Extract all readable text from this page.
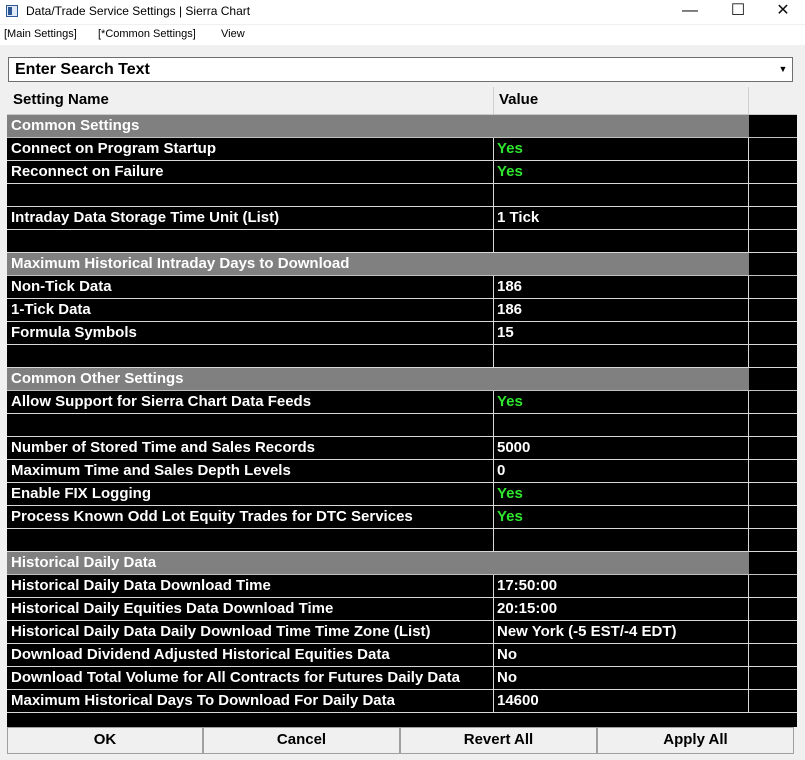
Data/Trade Service Settings | Sierra Chart	—	☐	✕
[Main Settings] [*Common Settings] View
Enter Search Text	▼
Setting Name	Value
Common Settings
Connect on Program Startup	Yes
Reconnect on Failure	Yes
Intraday Data Storage Time Unit (List)	1 Tick
Maximum Historical Intraday Days to Download
Non-Tick Data	186
1-Tick Data	186
Formula Symbols	15
Common Other Settings
Allow Support for Sierra Chart Data Feeds	Yes
Number of Stored Time and Sales Records	5000
Maximum Time and Sales Depth Levels	0
Enable FIX Logging	Yes
Process Known Odd Lot Equity Trades for DTC Services	Yes
Historical Daily Data
Historical Daily Data Download Time	17:50:00
Historical Daily Equities Data Download Time	20:15:00
Historical Daily Data Daily Download Time Time Zone (List)	New York (-5 EST/-4 EDT)
Download Dividend Adjusted Historical Equities Data	No
Download Total Volume for All Contracts for Futures Daily Data No
Maximum Historical Days To Download For Daily Data	14600
OK	Cancel	Revert All	Apply All
